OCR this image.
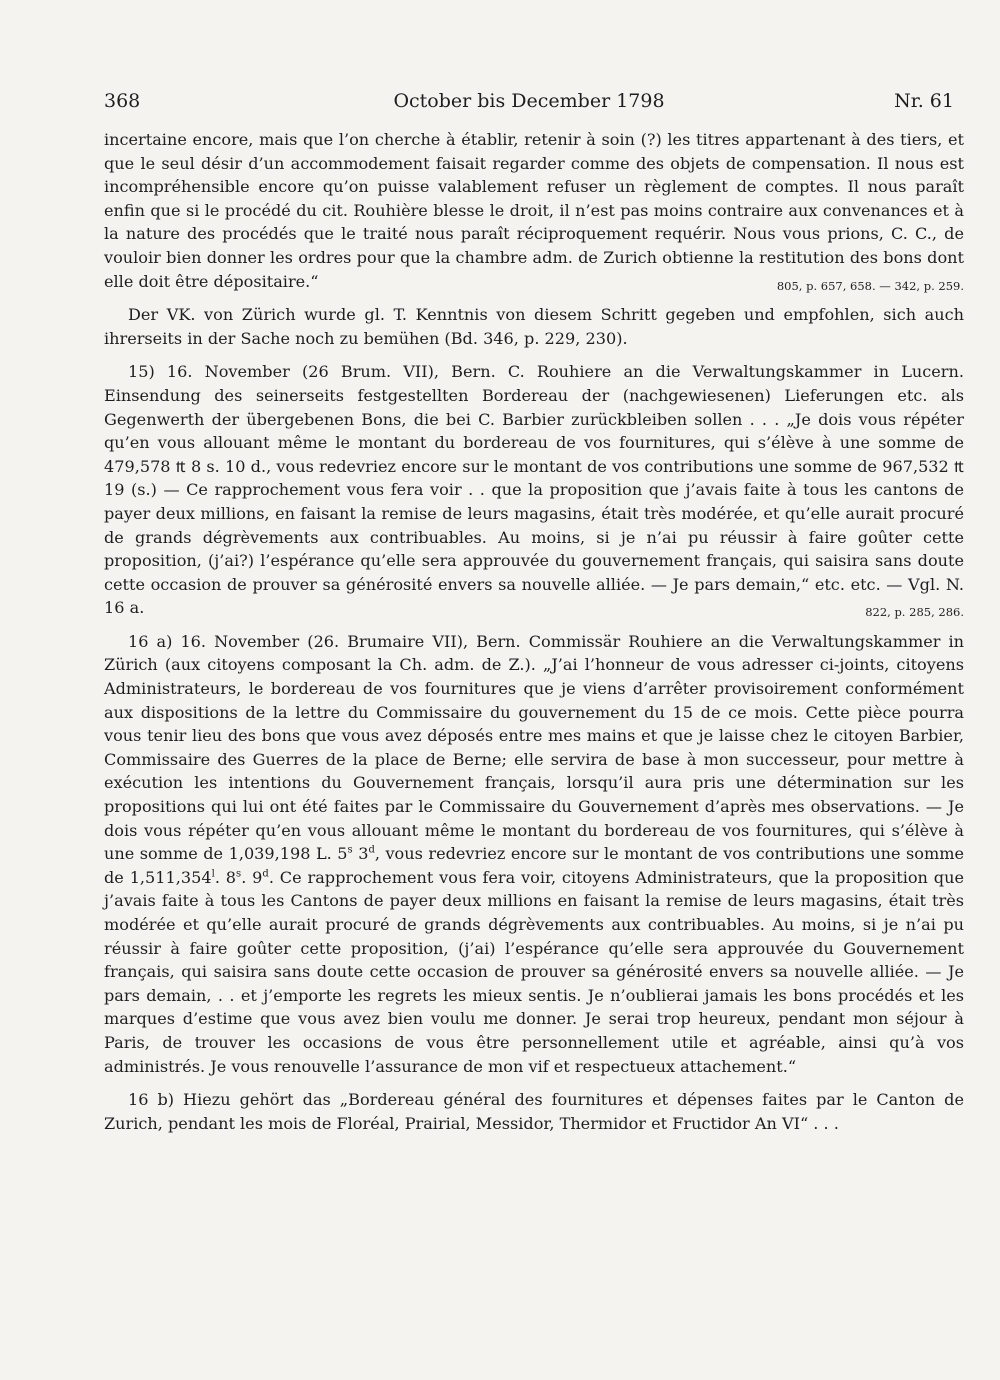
368	October bis December 1798	Nr. 61

incertaine encore, mais que l’on cherche à établir, retenir à soin (?) les titres appartenant à des tiers, et que le seul désir d’un accommodement faisait regarder comme des objets de compensation. Il nous est incompréhensible encore qu’on puisse valablement refuser un règlement de comptes. Il nous paraît enfin que si le procédé du cit. Rouhière blesse le droit, il n’est pas moins contraire aux convenances et à la nature des procédés que le traité nous paraît réciproquement requérir. Nous vous prions, C. C., de vouloir bien donner les ordres pour que la chambre adm. de Zurich obtienne la restitution des bons dont elle doit être dépositaire.“	805, p. 657, 658. — 342, p. 259.

Der VK. von Zürich wurde gl. T. Kenntnis von diesem Schritt gegeben und empfohlen, sich auch ihrerseits in der Sache noch zu bemühen (Bd. 346, p. 229, 230).

15) 16. November (26 Brum. VII), Bern. C. Rouhiere an die Verwaltungskammer in Lucern. Einsendung des seinerseits festgestellten Bordereau der (nachgewiesenen) Lieferungen etc. als Gegenwerth der übergebenen Bons, die bei C. Barbier zurückbleiben sollen . . . „Je dois vous répéter qu’en vous allouant même le montant du bordereau de vos fournitures, qui s’élève à une somme de 479,578 ₶ 8 s. 10 d., vous redevriez encore sur le montant de vos contributions une somme de 967,532 ₶ 19 (s.) — Ce rapprochement vous fera voir . . que la proposition que j’avais faite à tous les cantons de payer deux millions, en faisant la remise de leurs magasins, était très modérée, et qu’elle aurait procuré de grands dégrèvements aux contribuables. Au moins, si je n’ai pu réussir à faire goûter cette proposition, (j’ai?) l’espérance qu’elle sera approuvée du gouvernement français, qui saisira sans doute cette occasion de prouver sa générosité envers sa nouvelle alliée. — Je pars demain,“ etc. etc. — Vgl. N. 16 a.	822, p. 285, 286.

16 a) 16. November (26. Brumaire VII), Bern. Commissär Rouhiere an die Verwaltungskammer in Zürich (aux citoyens composant la Ch. adm. de Z.). „J’ai l’honneur de vous adresser ci-joints, citoyens Administrateurs, le bordereau de vos fournitures que je viens d’arrêter provisoirement conformément aux dispositions de la lettre du Commissaire du gouvernement du 15 de ce mois. Cette pièce pourra vous tenir lieu des bons que vous avez déposés entre mes mains et que je laisse chez le citoyen Barbier, Commissaire des Guerres de la place de Berne; elle servira de base à mon successeur, pour mettre à exécution les intentions du Gouvernement français, lorsqu’il aura pris une détermination sur les propositions qui lui ont été faites par le Commissaire du Gouvernement d’après mes observations. — Je dois vous répéter qu’en vous allouant même le montant du bordereau de vos fournitures, qui s’élève à une somme de 1,039,198 L. 5$^s$ 3$^d$, vous redevriez encore sur le montant de vos contributions une somme de 1,511,354$^l$. 8$^s$. 9$^d$. Ce rapprochement vous fera voir, citoyens Administrateurs, que la proposition que j’avais faite à tous les Cantons de payer deux millions en faisant la remise de leurs magasins, était très modérée et qu’elle aurait procuré de grands dégrèvements aux contribuables. Au moins, si je n’ai pu réussir à faire goûter cette proposition, (j’ai) l’espérance qu’elle sera approuvée du Gouvernement français, qui saisira sans doute cette occasion de prouver sa générosité envers sa nouvelle alliée. — Je pars demain, . . et j’emporte les regrets les mieux sentis. Je n’oublierai jamais les bons procédés et les marques d’estime que vous avez bien voulu me donner. Je serai trop heureux, pendant mon séjour à Paris, de trouver les occasions de vous être personnellement utile et agréable, ainsi qu’à vos administrés. Je vous renouvelle l’assurance de mon vif et respectueux attachement.“

16 b) Hiezu gehört das „Bordereau général des fournitures et dépenses faites par le Canton de Zurich, pendant les mois de Floréal, Prairial, Messidor, Thermidor et Fructidor An VI“ . . .
